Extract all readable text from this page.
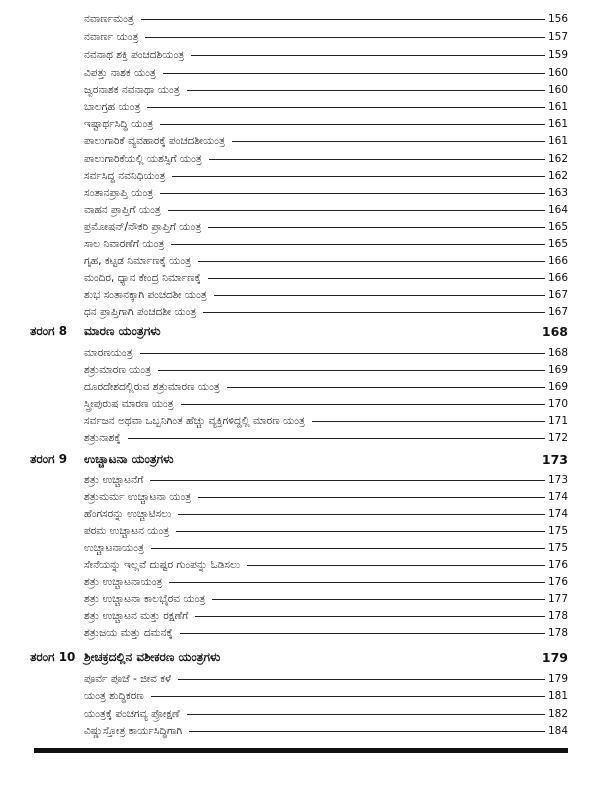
ನವಾರ್ಣಮಂತ್ರ	156
ನವಾರ್ಣ ಯಂತ್ರ	157
ನವನಾಥ ಶಕ್ತಿ ಪಂಚದಶಿಯಂತ್ರ	159
ವಿಪತ್ತು ನಾಶಕ ಯಂತ್ರ	160
ಜ್ವರನಾಶಕ ನವನಾಥಾ ಯಂತ್ರ	160
ಬಾಲಗ್ರಹ ಯಂತ್ರ	161
ಇಷ್ಟಾರ್ಥಸಿದ್ಧಿ ಯಂತ್ರ	161
ಪಾಲುಗಾರಿಕೆ ವ್ಯವಹಾರಕ್ಕೆ ಪಂಚದಶೀಯಂತ್ರ	161
ಪಾಲುಗಾರಿಕೆಯಲ್ಲಿ ಯಶಸ್ಸಿಗೆ ಯಂತ್ರ	162
ಸರ್ವಸಿದ್ಧ ನವನಿಧಿಯಂತ್ರ	162
ಸಂತಾನಪ್ರಾಪ್ತಿ ಯಂತ್ರ	163
ವಾಹನ ಪ್ರಾಪ್ತಿಗೆ ಯಂತ್ರ	164
ಪ್ರಮೋಷನ್/ನೌಕರಿ ಪ್ರಾಪ್ತಿಗೆ ಯಂತ್ರ	165
ಸಾಲ ನಿವಾರಣೆಗೆ ಯಂತ್ರ	165
ಗೃಹ, ಕಟ್ಟಡ ನಿರ್ಮಾಣಕ್ಕೆ ಯಂತ್ರ	166
ಮಂದಿರ, ಧ್ಯಾನ ಕೇಂದ್ರ ನಿರ್ಮಾಣಕ್ಕೆ	166
ಶುಭ ಸಂತಾನಕ್ಕಾಗಿ ಪಂಚದಶೀ ಯಂತ್ರ	167
ಧನ ಪ್ರಾಪ್ತಿಗಾಗಿ ಪಂಚದಶೀ ಯಂತ್ರ	167
ತರಂಗ 8	ಮಾರಣ ಯಂತ್ರಗಳು	168
ಮಾರಣಯಂತ್ರ	168
ಶತ್ರುಮಾರಣ ಯಂತ್ರ	169
ದೂರದೇಶದಲ್ಲಿರುವ ಶತ್ರುಮಾರಣ ಯಂತ್ರ	169
ಸ್ತ್ರೀಪುರುಷ ಮಾರಣ ಯಂತ್ರ	170
ಸರ್ವಜನ ಅಥವಾ ಒಬ್ಬನಿಗಿಂತ ಹೆಚ್ಚು ವ್ಯಕ್ತಿಗಳಿದ್ದಲ್ಲಿ ಮಾರಣ ಯಂತ್ರ	171
ಶತ್ರುನಾಶಕ್ಕೆ	172
ತರಂಗ 9	ಉಚ್ಚಾಟನಾ ಯಂತ್ರಗಳು	173
ಶತ್ರು ಉಚ್ಚಾಟನೆಗೆ	173
ಶತ್ರುಮರ್ಮ ಉಚ್ಚಾಟನಾ ಯಂತ್ರ	174
ಹೆಂಗಸರನ್ನು ಉಚ್ಚಾಟಿಸಲು	174
ಪರಮ ಉಚ್ಚಾಟನ ಯಂತ್ರ	175
ಉಚ್ಚಾಟನಾಯಂತ್ರ	175
ಸೇನೆಯನ್ನು ಇಲ್ಲವೆ ದುಷ್ಟರ ಗುಂಪನ್ನು ಓಡಿಸಲು	176
ಶತ್ರು ಉಚ್ಚಾಟನಾಯಂತ್ರ	176
ಶತ್ರು ಉಚ್ಚಾಟನಾ ಕಾಲಭೈರವ ಯಂತ್ರ	177
ಶತ್ರು ಉಚ್ಚಾಟನ ಮತ್ತು ರಕ್ಷಣೆಗೆ	178
ಶತ್ರುಜಯ ಮತ್ತು ದಮನಕ್ಕೆ	178
ತರಂಗ 10 ಶ್ರೀಚಕ್ರದಲ್ಲಿನ ವಶೀಕರಣ ಯಂತ್ರಗಳು	179
ಪೂರ್ವ ಪೂಜೆ - ಜೀವ ಕಳೆ	179
ಯಂತ್ರ ಶುದ್ಧಿಕರಣ	181
ಯಂತ್ರಕ್ಕೆ ಪಂಚಗವ್ಯ ಪ್ರೋಕ್ಷಣೆ	182
ವಿಷ್ಣುಸ್ತೋತ್ರ ಕಾರ್ಯಸಿದ್ಧಿಗಾಗಿ	184
